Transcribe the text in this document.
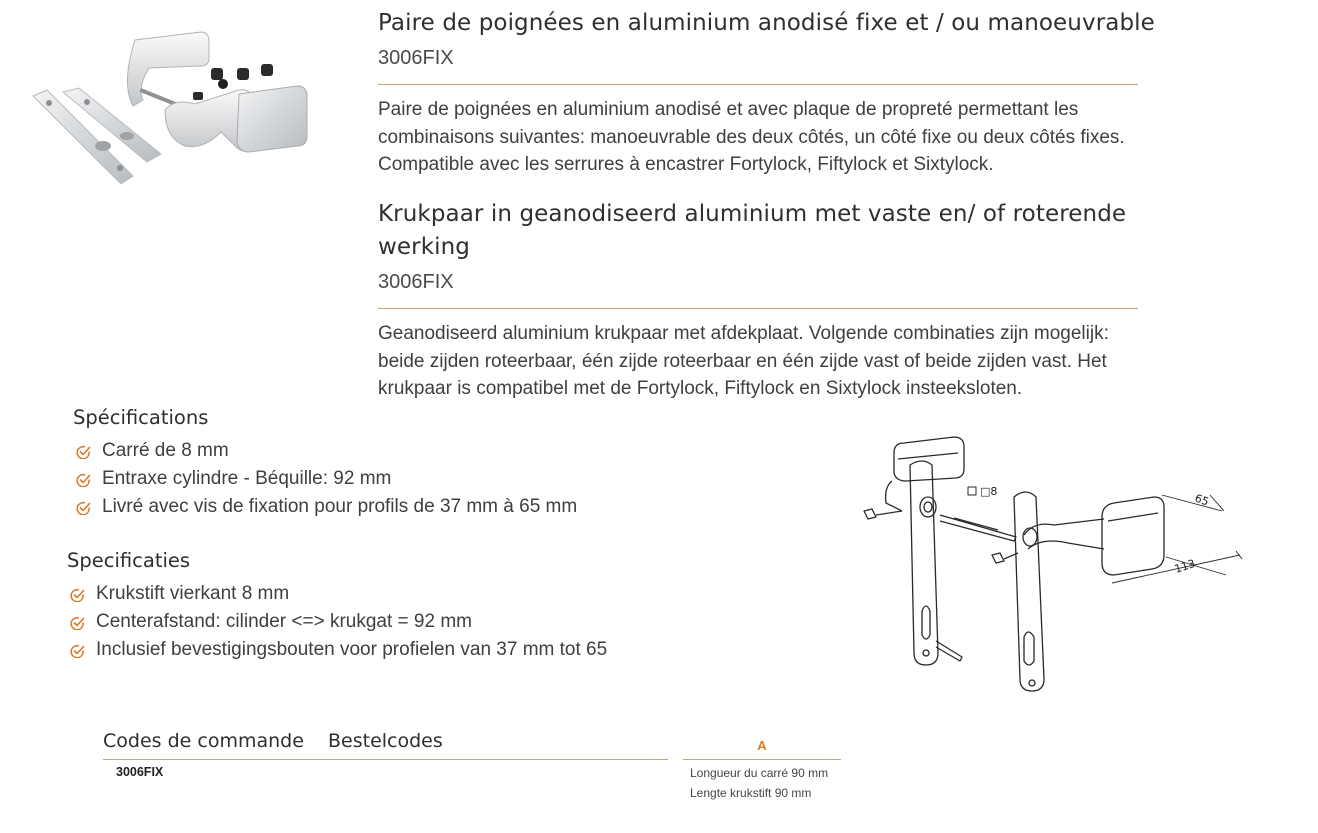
Paire de poignées en aluminium anodisé fixe et / ou manoeuvrable
3006FIX
Paire de poignées en aluminium anodisé et avec plaque de propreté permettant les
combinaisons suivantes: manoeuvrable des deux côtés, un côté fixe ou deux côtés fixes.
Compatible avec les serrures à encastrer Fortylock, Fiftylock et Sixtylock.
Krukpaar in geanodiseerd aluminium met vaste en/ of roterende
werking
3006FIX
Geanodiseerd aluminium krukpaar met afdekplaat. Volgende combinaties zijn mogelijk:
beide zijden roteerbaar, één zijde roteerbaar en één zijde vast of beide zijden vast. Het
krukpaar is compatibel met de Fortylock, Fiftylock en Sixtylock insteeksloten.
Spécifications
Carré de 8 mm
Entraxe cylindre - Béquille: 92 mm
Livré avec vis de fixation pour profils de 37 mm à 65 mm
Specificaties
Krukstift vierkant 8 mm
Centerafstand: cilinder <=> krukgat = 92 mm
Inclusief bevestigingsbouten voor profielen van 37 mm tot 65
□8
65
113
Codes de commande Bestelcodes	A
3006FIX	Longueur du carré 90 mm
Lengte krukstift 90 mm
